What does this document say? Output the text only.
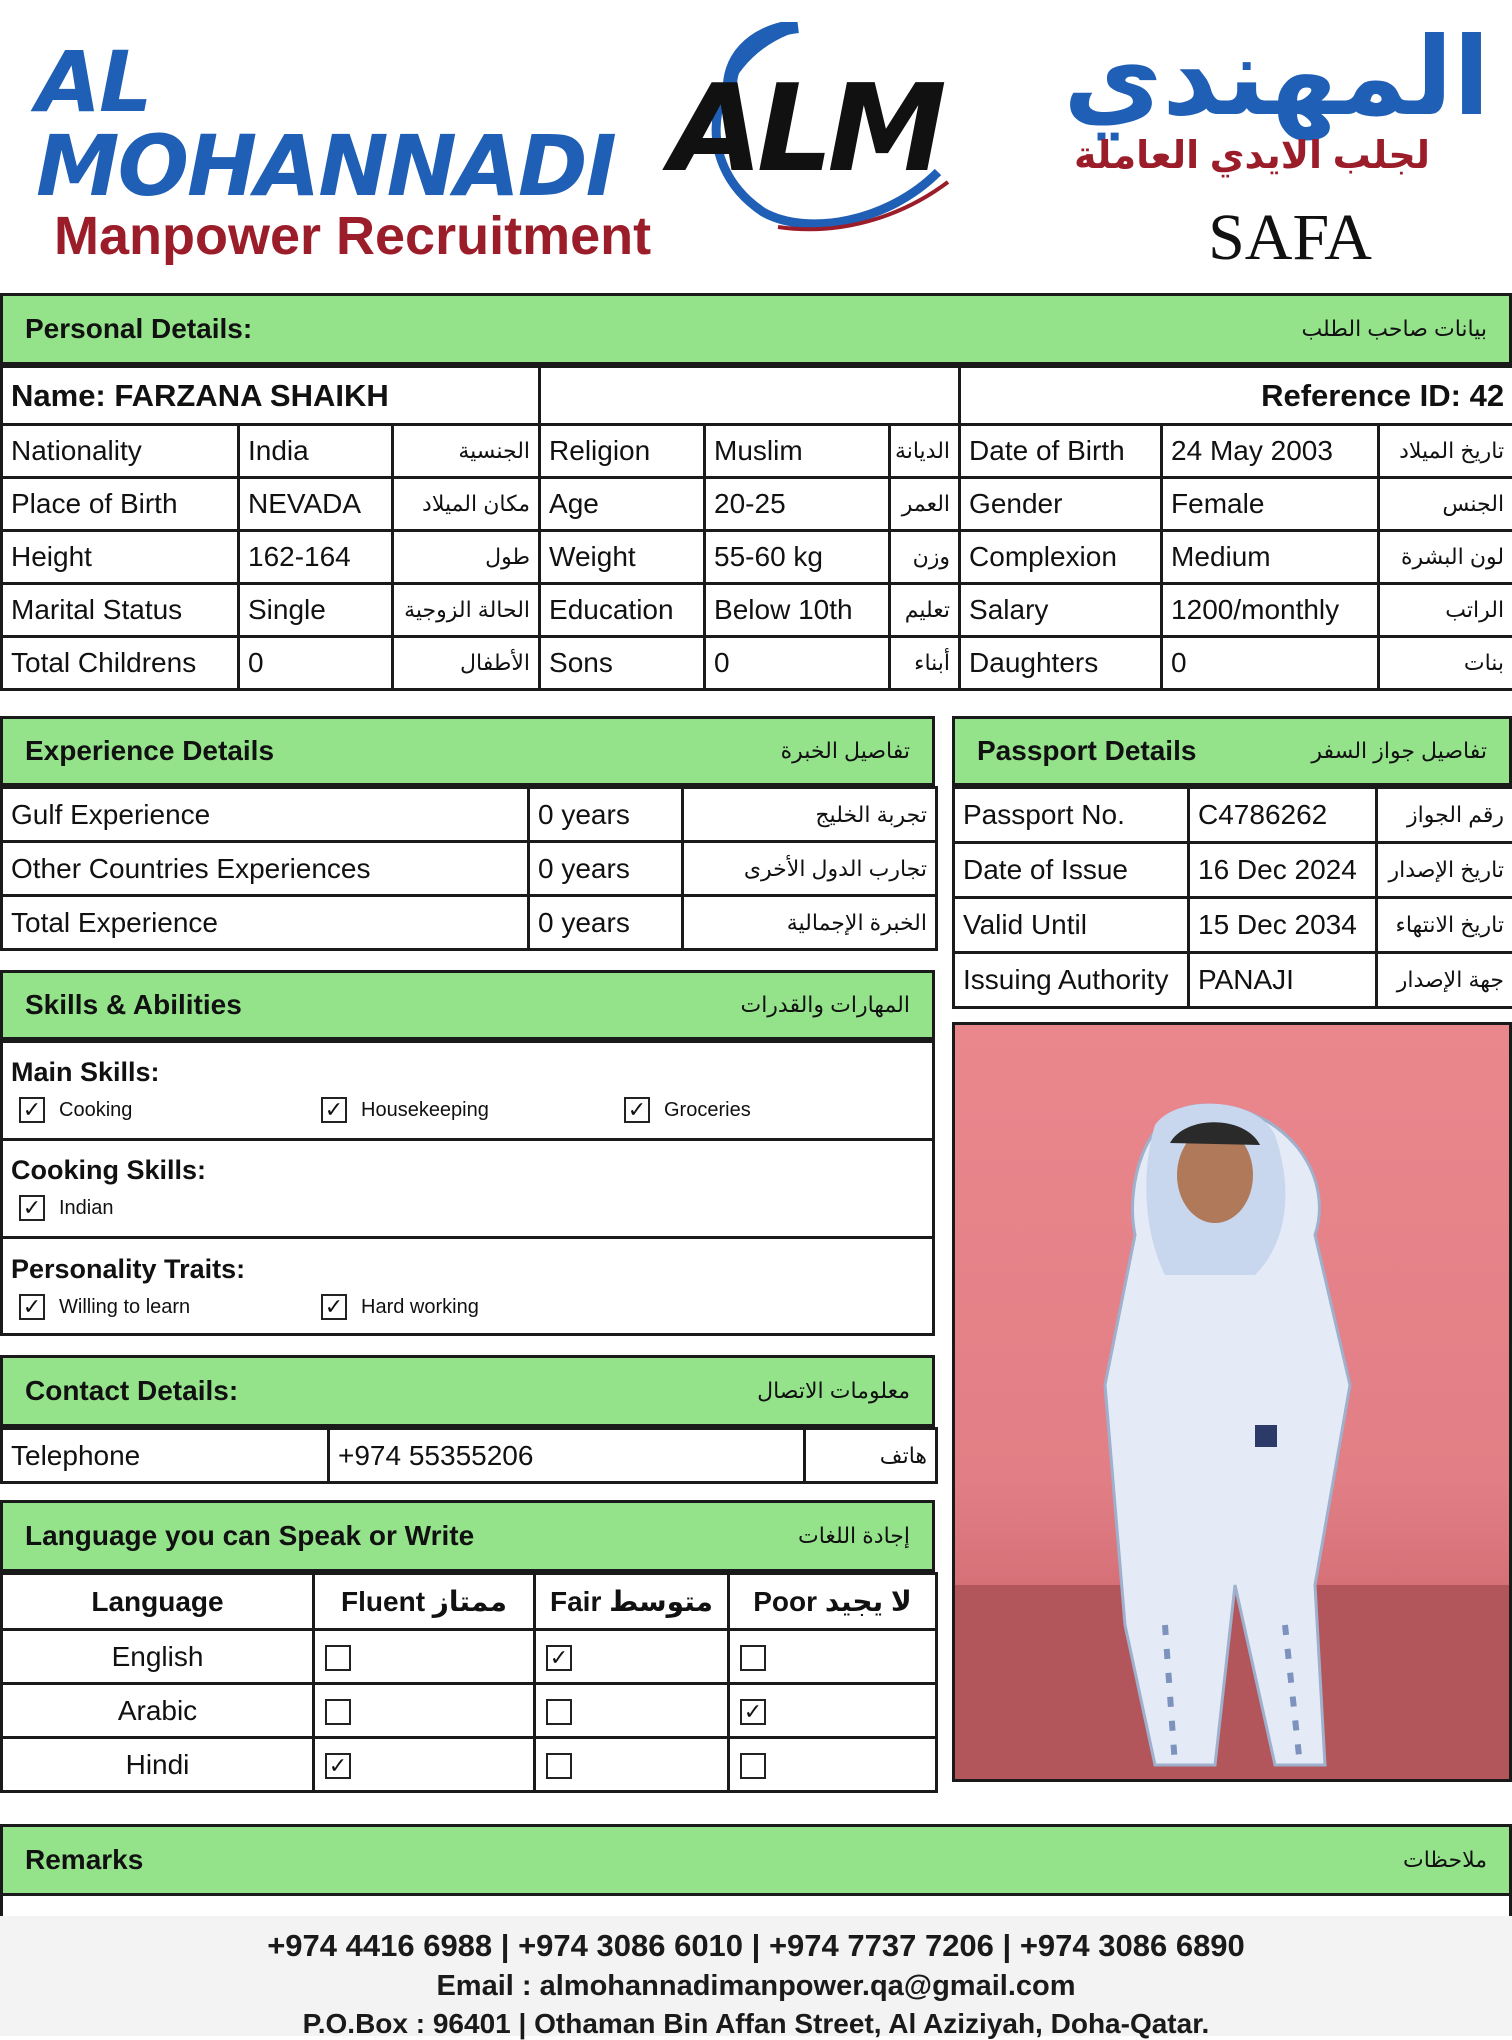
AL MOHANNADI
Manpower Recruitment
ALM	المهندي
لجلب الايدي العاملة
SAFA
Personal Details:	بيانات صاحب الطلب
Name: FARZANA SHAIKH						Reference ID: 42		
Nationality	India	الجنسية	Religion	Muslim	الديانة	Date of Birth	24 May 2003	تاريخ الميلاد
Place of Birth	NEVADA	مكان الميلاد	Age	20-25	العمر	Gender	Female	الجنس
Height	162-164	طول	Weight	55-60 kg	وزن	Complexion	Medium	لون البشرة
Marital Status	Single	الحالة الزوجية	Education	Below 10th	تعليم	Salary	1200/monthly	الراتب
Total Childrens	0	الأطفال	Sons	0	أبناء	Daughters	0	بنات
Experience Details	تفاصيل الخبرة
Gulf Experience	0 years	تجربة الخليج
Other Countries Experiences	0 years	تجارب الدول الأخرى
Total Experience	0 years	الخبرة الإجمالية
Passport Details	تفاصيل جواز السفر
Passport No.	C4786262	رقم الجواز
Date of Issue	16 Dec 2024	تاريخ الإصدار
Valid Until	15 Dec 2034	تاريخ الانتهاء
Issuing Authority	PANAJI	جهة الإصدار
Skills & Abilities	المهارات والقدرات
Main Skills:
✓ Cooking	✓ Housekeeping	✓ Groceries
Cooking Skills:
✓ Indian
Personality Traits:
✓ Willing to learn	✓ Hard working
Contact Details:	معلومات الاتصال
Telephone	+974 55355206	هاتف
Language you can Speak or Write	إجادة اللغات
Language	Fluent ممتاز	Fair متوسط	Poor لا يجيد
English		✓	
Arabic			✓
Hindi	✓		
Remarks	ملاحظات
+974 4416 6988 | +974 3086 6010 | +974 7737 7206 | +974 3086 6890
Email : almohannadimanpower.qa@gmail.com
P.O.Box : 96401 | Othaman Bin Affan Street, Al Aziziyah, Doha-Qatar.
